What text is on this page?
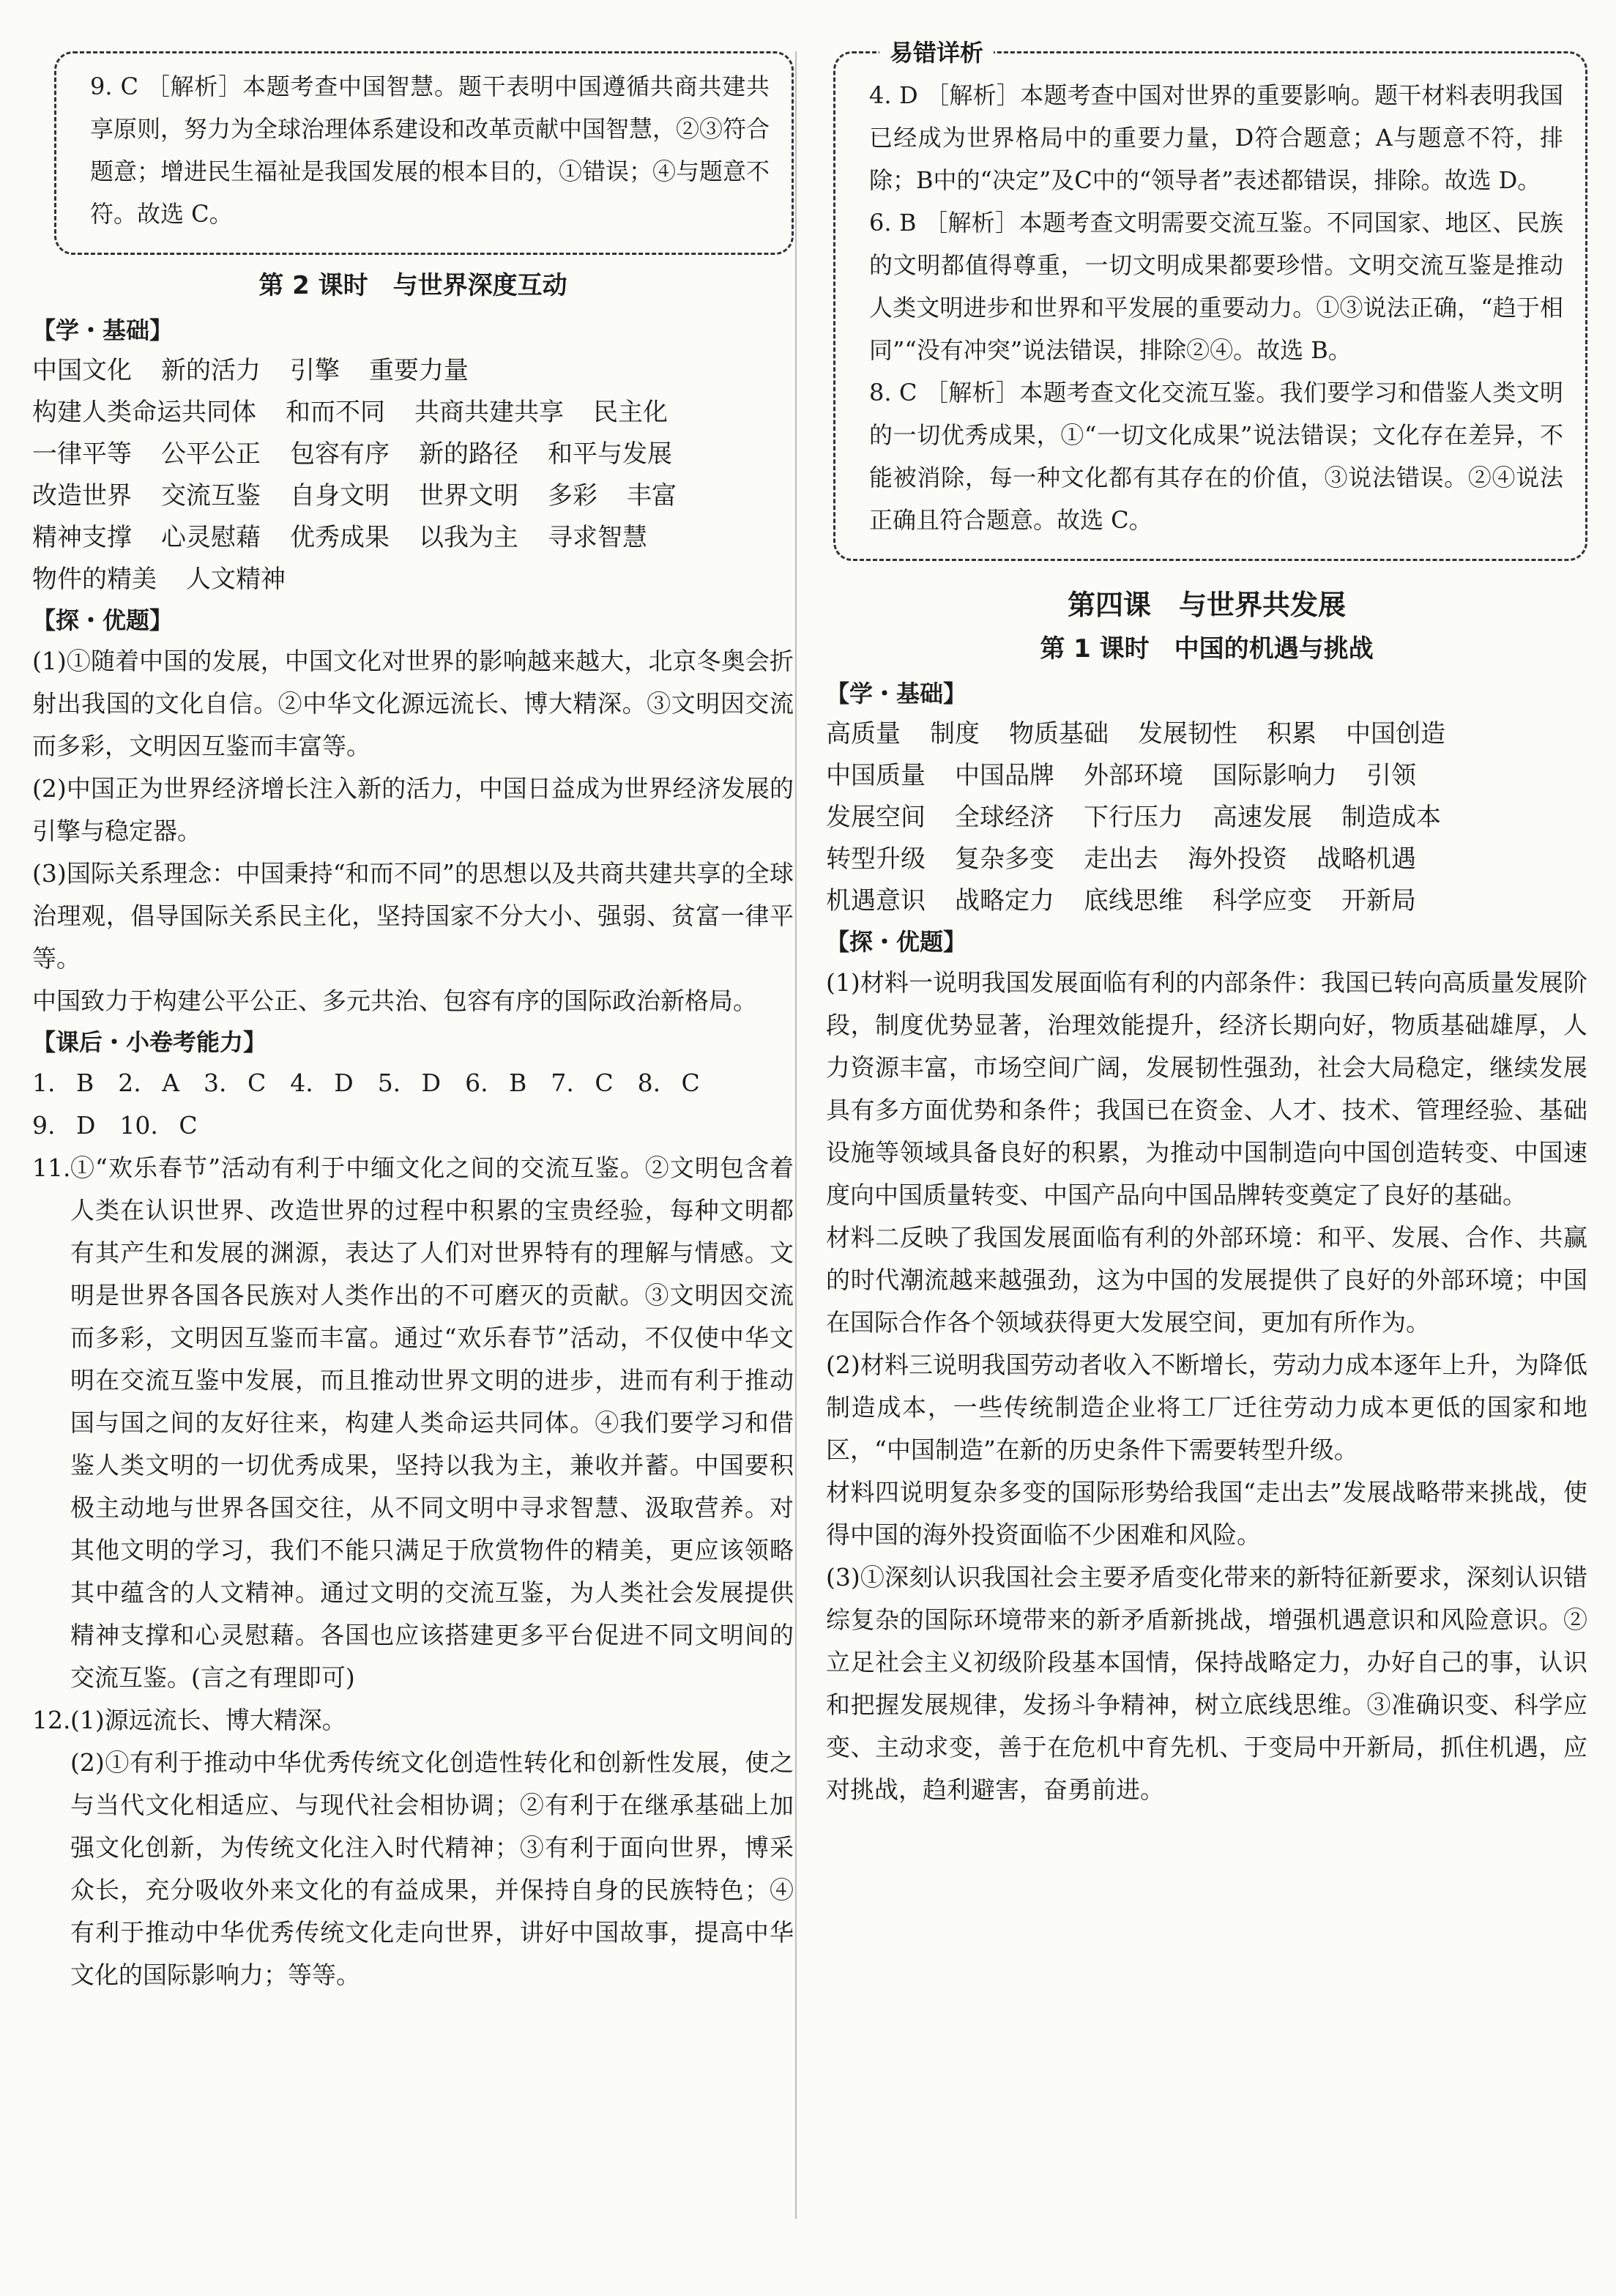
9. C ［解析］本题考查中国智慧。题干表明中国遵循共商共建共享原则，努力为全球治理体系建设和改革贡献中国智慧，②③符合题意；增进民生福祉是我国发展的根本目的，①错误；④与题意不符。故选 C。

第 2 课时　与世界深度互动
【学・基础】
中国文化 新的活力 引擎 重要力量
构建人类命运共同体 和而不同 共商共建共享 民主化
一律平等 公平公正 包容有序 新的路径 和平与发展
改造世界 交流互鉴 自身文明 世界文明 多彩 丰富
精神支撑 心灵慰藉 优秀成果 以我为主 寻求智慧
物件的精美 人文精神
【探・优题】

(1)①随着中国的发展，中国文化对世界的影响越来越大，北京冬奥会折射出我国的文化自信。②中华文化源远流长、博大精深。③文明因交流而多彩，文明因互鉴而丰富等。

(2)中国正为世界经济增长注入新的活力，中国日益成为世界经济发展的引擎与稳定器。

(3)国际关系理念：中国秉持“和而不同”的思想以及共商共建共享的全球治理观，倡导国际关系民主化，坚持国家不分大小、强弱、贫富一律平等。

中国致力于构建公平公正、多元共治、包容有序的国际政治新格局。

【课后・小卷考能力】

1. B　2. A　3. C　4. D　5. D　6. B　7. C　8. C

9. D　10. C

11. ①“欢乐春节”活动有利于中缅文化之间的交流互鉴。②文明包含着人类在认识世界、改造世界的过程中积累的宝贵经验，每种文明都有其产生和发展的渊源，表达了人们对世界特有的理解与情感。文明是世界各国各民族对人类作出的不可磨灭的贡献。③文明因交流而多彩，文明因互鉴而丰富。通过“欢乐春节”活动，不仅使中华文明在交流互鉴中发展，而且推动世界文明的进步，进而有利于推动国与国之间的友好往来，构建人类命运共同体。④我们要学习和借鉴人类文明的一切优秀成果，坚持以我为主，兼收并蓄。中国要积极主动地与世界各国交往，从不同文明中寻求智慧、汲取营养。对其他文明的学习，我们不能只满足于欣赏物件的精美，更应该领略其中蕴含的人文精神。通过文明的交流互鉴，为人类社会发展提供精神支撑和心灵慰藉。各国也应该搭建更多平台促进不同文明间的交流互鉴。(言之有理即可)
12. (1)源远流长、博大精深。
(2)①有利于推动中华优秀传统文化创造性转化和创新性发展，使之与当代文化相适应、与现代社会相协调；②有利于在继承基础上加强文化创新，为传统文化注入时代精神；③有利于面向世界，博采众长，充分吸收外来文化的有益成果，并保持自身的民族特色；④有利于推动中华优秀传统文化走向世界，讲好中国故事，提高中华文化的国际影响力；等等。
易错详析

4. D ［解析］本题考查中国对世界的重要影响。题干材料表明我国已经成为世界格局中的重要力量，D符合题意；A与题意不符，排除；B中的“决定”及C中的“领导者”表述都错误，排除。故选 D。

6. B ［解析］本题考查文明需要交流互鉴。不同国家、地区、民族的文明都值得尊重，一切文明成果都要珍惜。文明交流互鉴是推动人类文明进步和世界和平发展的重要动力。①③说法正确，“趋于相同”“没有冲突”说法错误，排除②④。故选 B。

8. C ［解析］本题考查文化交流互鉴。我们要学习和借鉴人类文明的一切优秀成果，①“一切文化成果”说法错误；文化存在差异，不能被消除，每一种文化都有其存在的价值，③说法错误。②④说法正确且符合题意。故选 C。

第四课　与世界共发展
第 1 课时　中国的机遇与挑战
【学・基础】
高质量 制度 物质基础 发展韧性 积累 中国创造
中国质量 中国品牌 外部环境 国际影响力 引领
发展空间 全球经济 下行压力 高速发展 制造成本
转型升级 复杂多变 走出去 海外投资 战略机遇
机遇意识 战略定力 底线思维 科学应变 开新局
【探・优题】

(1)材料一说明我国发展面临有利的内部条件：我国已转向高质量发展阶段，制度优势显著，治理效能提升，经济长期向好，物质基础雄厚，人力资源丰富，市场空间广阔，发展韧性强劲，社会大局稳定，继续发展具有多方面优势和条件；我国已在资金、人才、技术、管理经验、基础设施等领域具备良好的积累，为推动中国制造向中国创造转变、中国速度向中国质量转变、中国产品向中国品牌转变奠定了良好的基础。

材料二反映了我国发展面临有利的外部环境：和平、发展、合作、共赢的时代潮流越来越强劲，这为中国的发展提供了良好的外部环境；中国在国际合作各个领域获得更大发展空间，更加有所作为。

(2)材料三说明我国劳动者收入不断增长，劳动力成本逐年上升，为降低制造成本，一些传统制造企业将工厂迁往劳动力成本更低的国家和地区，“中国制造”在新的历史条件下需要转型升级。

材料四说明复杂多变的国际形势给我国“走出去”发展战略带来挑战，使得中国的海外投资面临不少困难和风险。

(3)①深刻认识我国社会主要矛盾变化带来的新特征新要求，深刻认识错综复杂的国际环境带来的新矛盾新挑战，增强机遇意识和风险意识。②立足社会主义初级阶段基本国情，保持战略定力，办好自己的事，认识和把握发展规律，发扬斗争精神，树立底线思维。③准确识变、科学应变、主动求变，善于在危机中育先机、于变局中开新局，抓住机遇，应对挑战，趋利避害，奋勇前进。
